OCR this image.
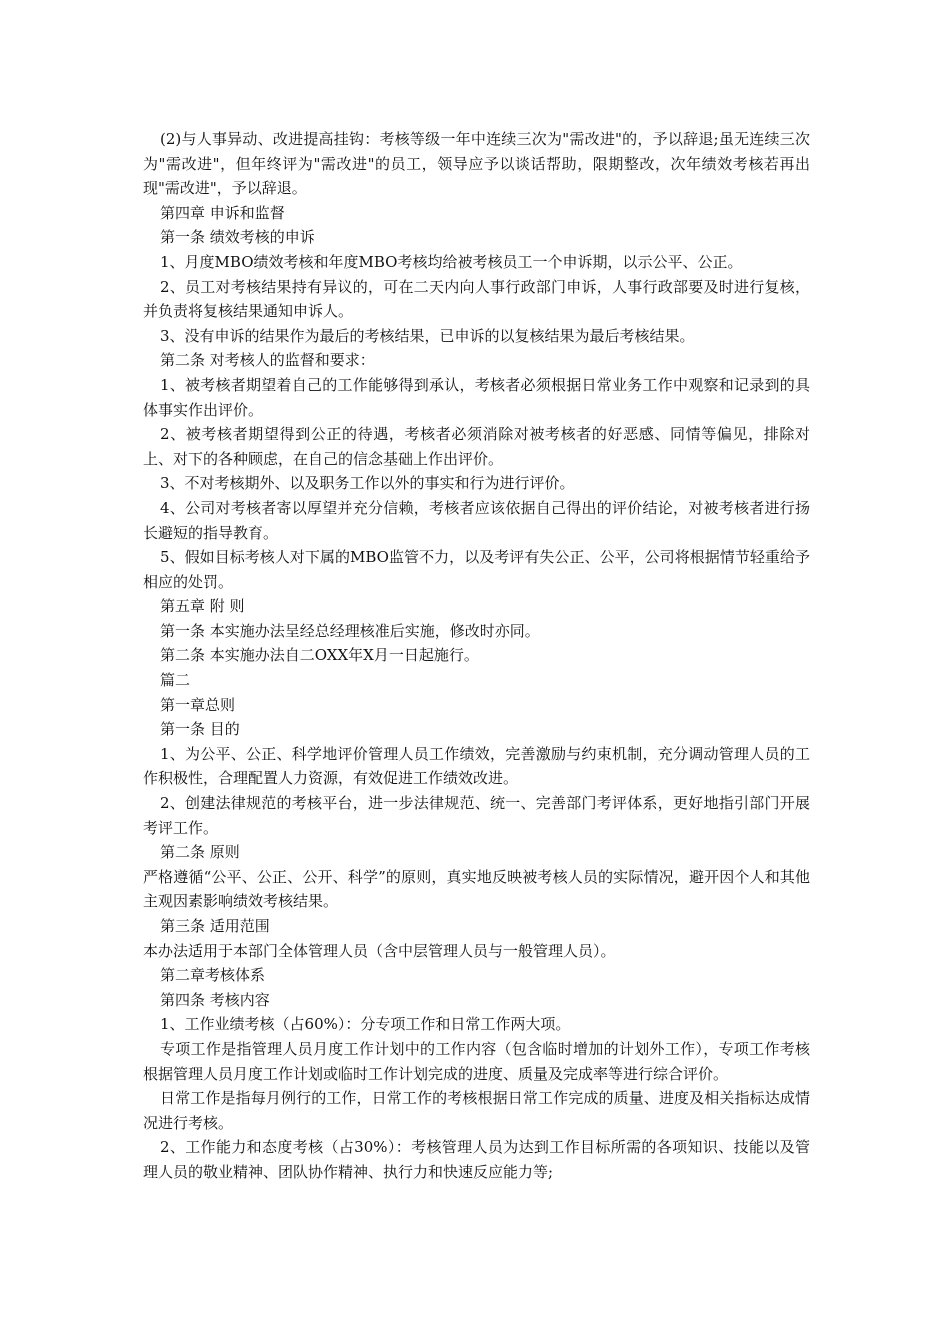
(2)与人事异动、改进提高挂钩：考核等级一年中连续三次为"需改进"的，予以辞退;虽无连续三次为"需改进"，但年终评为"需改进"的员工，领导应予以谈话帮助，限期整改，次年绩效考核若再出现"需改进"，予以辞退。

第四章 申诉和监督

第一条 绩效考核的申诉

1、月度MBO绩效考核和年度MBO考核均给被考核员工一个申诉期，以示公平、公正。

2、员工对考核结果持有异议的，可在二天内向人事行政部门申诉，人事行政部要及时进行复核，并负责将复核结果通知申诉人。

3、没有申诉的结果作为最后的考核结果，已申诉的以复核结果为最后考核结果。

第二条 对考核人的监督和要求：

1、被考核者期望着自己的工作能够得到承认，考核者必须根据日常业务工作中观察和记录到的具体事实作出评价。

2、被考核者期望得到公正的待遇，考核者必须消除对被考核者的好恶感、同情等偏见，排除对上、对下的各种顾虑，在自己的信念基础上作出评价。

3、不对考核期外、以及职务工作以外的事实和行为进行评价。

4、公司对考核者寄以厚望并充分信赖，考核者应该依据自己得出的评价结论，对被考核者进行扬长避短的指导教育。

5、假如目标考核人对下属的MBO监管不力，以及考评有失公正、公平，公司将根据情节轻重给予相应的处罚。

第五章 附 则

第一条 本实施办法呈经总经理核准后实施，修改时亦同。

第二条 本实施办法自二OXX年X月一日起施行。

篇二

第一章总则

第一条 目的

1、为公平、公正、科学地评价管理人员工作绩效，完善激励与约束机制，充分调动管理人员的工作积极性，合理配置人力资源，有效促进工作绩效改进。

2、创建法律规范的考核平台，进一步法律规范、统一、完善部门考评体系，更好地指引部门开展考评工作。

第二条 原则

严格遵循“公平、公正、公开、科学”的原则，真实地反映被考核人员的实际情况，避开因个人和其他主观因素影响绩效考核结果。

第三条 适用范围

本办法适用于本部门全体管理人员（含中层管理人员与一般管理人员）。

第二章考核体系

第四条 考核内容

1、工作业绩考核（占60%）：分专项工作和日常工作两大项。

专项工作是指管理人员月度工作计划中的工作内容（包含临时增加的计划外工作），专项工作考核根据管理人员月度工作计划或临时工作计划完成的进度、质量及完成率等进行综合评价。

日常工作是指每月例行的工作，日常工作的考核根据日常工作完成的质量、进度及相关指标达成情况进行考核。

2、工作能力和态度考核（占30%）：考核管理人员为达到工作目标所需的各项知识、技能以及管理人员的敬业精神、团队协作精神、执行力和快速反应能力等;
